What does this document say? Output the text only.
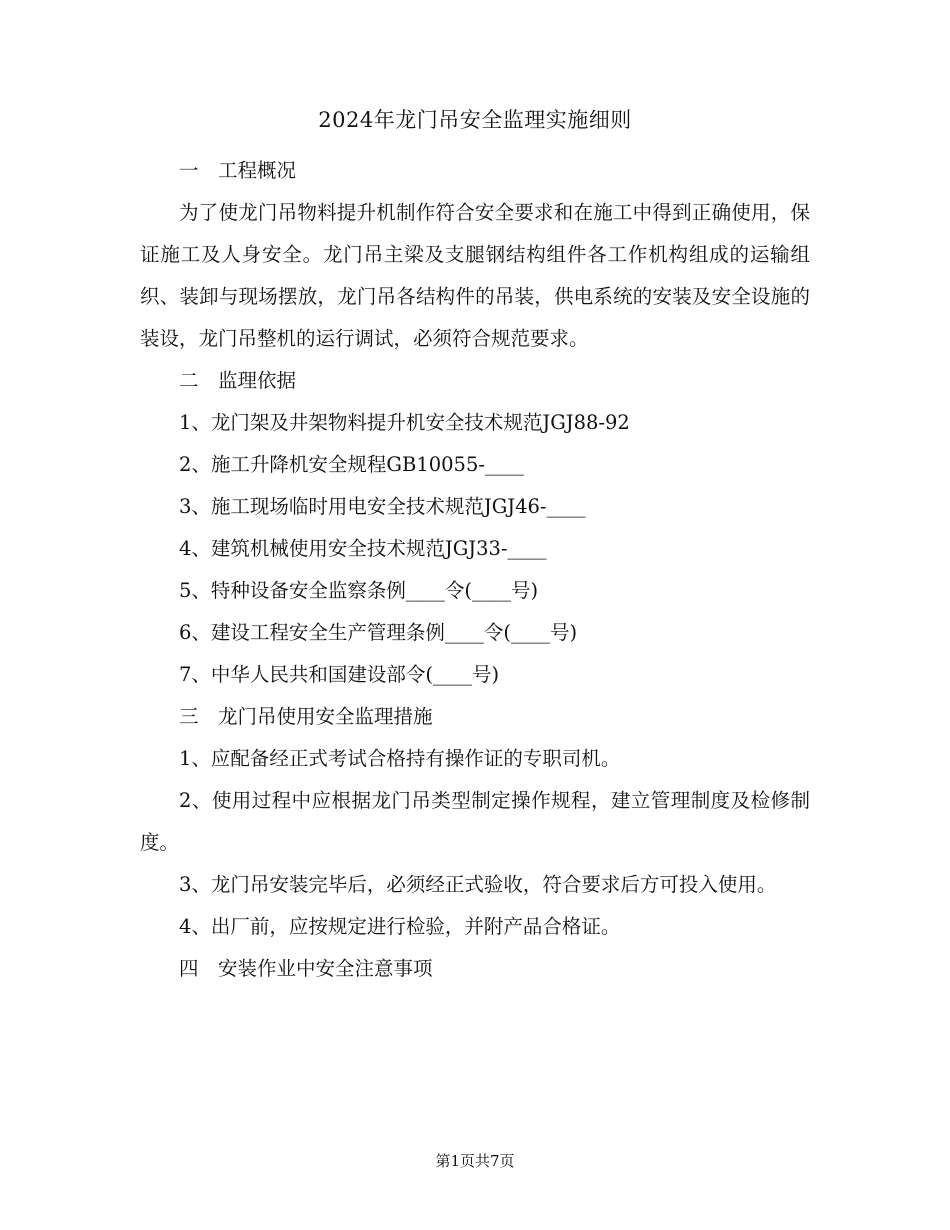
2024年龙门吊安全监理实施细则

一　工程概况

为了使龙门吊物料提升机制作符合安全要求和在施工中得到正确使用，保证施工及人身安全。龙门吊主梁及支腿钢结构组件各工作机构组成的运输组织、装卸与现场摆放，龙门吊各结构件的吊装，供电系统的安装及安全设施的装设，龙门吊整机的运行调试，必须符合规范要求。

二　监理依据

1、龙门架及井架物料提升机安全技术规范JGJ88-92

2、施工升降机安全规程GB10055-____

3、施工现场临时用电安全技术规范JGJ46-____

4、建筑机械使用安全技术规范JGJ33-____

5、特种设备安全监察条例____令(____号)

6、建设工程安全生产管理条例____令(____号)

7、中华人民共和国建设部令(____号)

三　龙门吊使用安全监理措施

1、应配备经正式考试合格持有操作证的专职司机。

2、使用过程中应根据龙门吊类型制定操作规程，建立管理制度及检修制度。

3、龙门吊安装完毕后，必须经正式验收，符合要求后方可投入使用。

4、出厂前，应按规定进行检验，并附产品合格证。

四　安装作业中安全注意事项

第1页共7页
